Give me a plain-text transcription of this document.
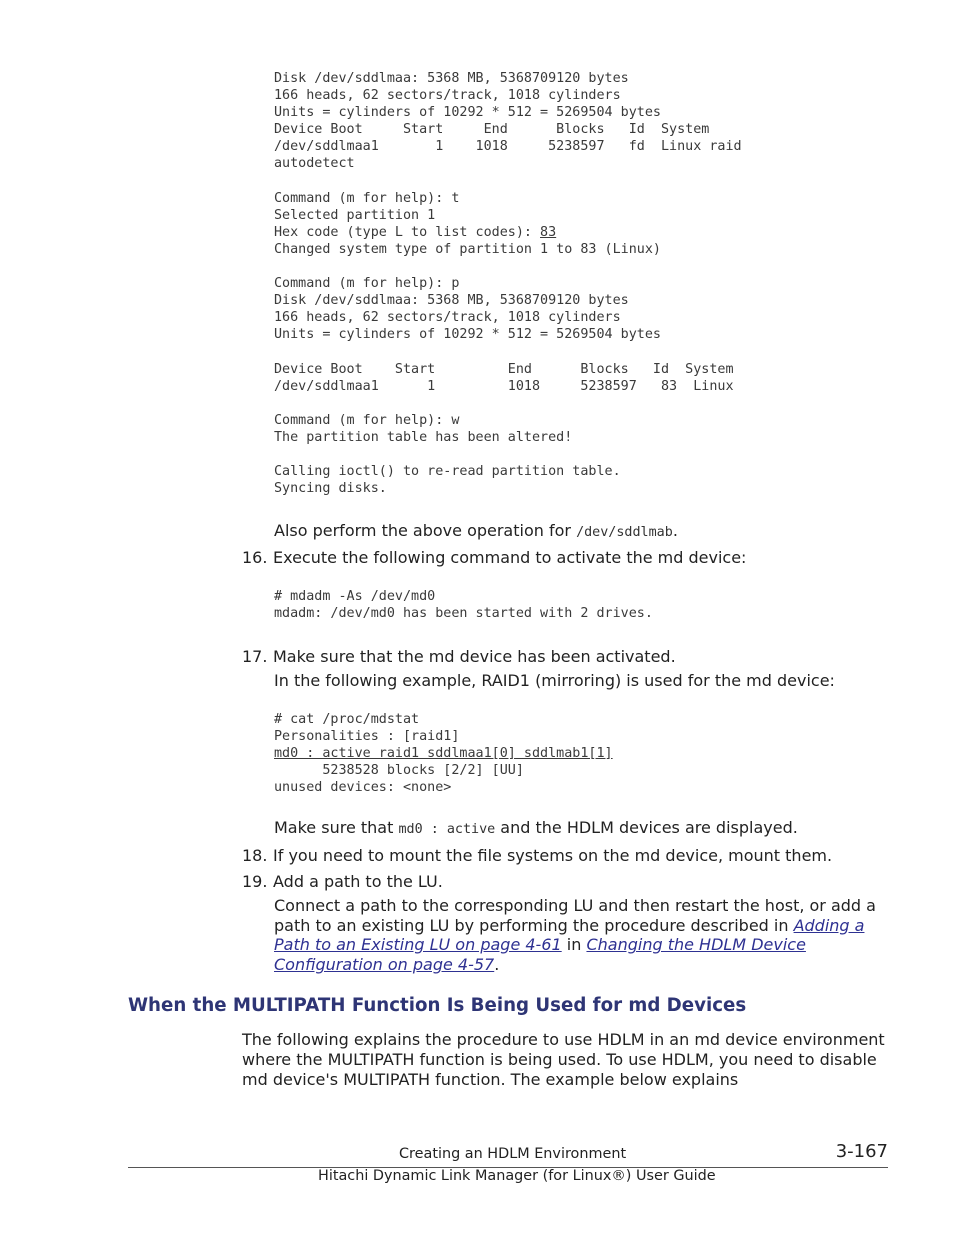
Disk /dev/sddlmaa: 5368 MB, 5368709120 bytes
166 heads, 62 sectors/track, 1018 cylinders
Units = cylinders of 10292 * 512 = 5269504 bytes
Device Boot     Start     End      Blocks   Id  System
/dev/sddlmaa1       1    1018     5238597   fd  Linux raid
autodetect

Command (m for help): t
Selected partition 1
Hex code (type L to list codes): 83
Changed system type of partition 1 to 83 (Linux)

Command (m for help): p
Disk /dev/sddlmaa: 5368 MB, 5368709120 bytes
166 heads, 62 sectors/track, 1018 cylinders
Units = cylinders of 10292 * 512 = 5269504 bytes

Device Boot    Start         End      Blocks   Id  System
/dev/sddlmaa1      1         1018     5238597   83  Linux

Command (m for help): w
The partition table has been altered!

Calling ioctl() to re-read partition table.
Syncing disks.
Also perform the above operation for /dev/sddlmab.
16. Execute the following command to activate the md device:
# mdadm -As /dev/md0
mdadm: /dev/md0 has been started with 2 drives.
17. Make sure that the md device has been activated.
In the following example, RAID1 (mirroring) is used for the md device:
# cat /proc/mdstat
Personalities : [raid1]
md0 : active raid1 sddlmaa1[0] sddlmab1[1]
5238528 blocks [2/2] [UU]
unused devices: <none>
Make sure that md0 : active and the HDLM devices are displayed.
18. If you need to mount the file systems on the md device, mount them.
19. Add a path to the LU.
Connect a path to the corresponding LU and then restart the host, or add a path to an existing LU by performing the procedure described in Adding a Path to an Existing LU on page 4-61 in Changing the HDLM Device Configuration on page 4-57.
When the MULTIPATH Function Is Being Used for md Devices
The following explains the procedure to use HDLM in an md device environment where the MULTIPATH function is being used. To use HDLM, you need to disable md device's MULTIPATH function. The example below explains
Creating an HDLM Environment	3-167
Hitachi Dynamic Link Manager (for Linux®) User Guide
